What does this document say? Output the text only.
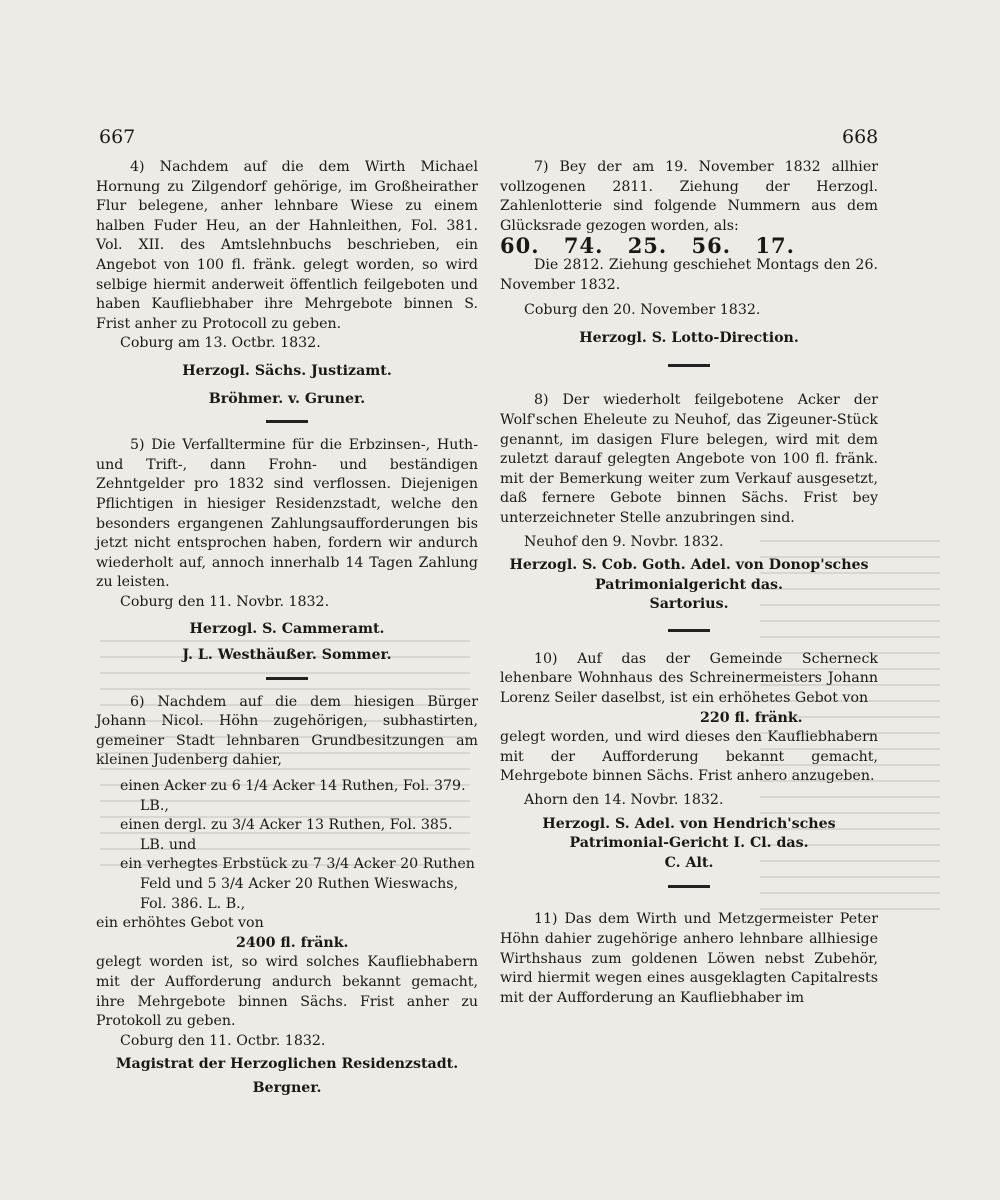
667	668

4) Nachdem auf die dem Wirth Michael Hornung zu Zilgendorf gehörige, im Großheirather Flur belegene, anher lehnbare Wiese zu einem halben Fuder Heu, an der Hahnleithen, Fol. 381. Vol. XII. des Amtslehnbuchs beschrieben, ein Angebot von 100 fl. fränk. gelegt worden, so wird selbige hiermit anderweit öffentlich feilgeboten und haben Kaufliebhaber ihre Mehrgebote binnen S. Frist anher zu Protocoll zu geben.

Coburg am 13. Octbr. 1832.

Herzogl. Sächs. Justizamt.

Bröhmer. v. Gruner.

5) Die Verfalltermine für die Erbzinsen-, Huth- und Trift-, dann Frohn- und beständigen Zehntgelder pro 1832 sind verflossen. Diejenigen Pflichtigen in hiesiger Residenzstadt, welche den besonders ergangenen Zahlungsaufforderungen bis jetzt nicht entsprochen haben, fordern wir andurch wiederholt auf, annoch innerhalb 14 Tagen Zahlung zu leisten.

Coburg den 11. Novbr. 1832.

Herzogl. S. Cammeramt.

J. L. Westhäußer. Sommer.

6) Nachdem auf die dem hiesigen Bürger Johann Nicol. Höhn zugehörigen, subhastirten, gemeiner Stadt lehnbaren Grundbesitzungen am kleinen Judenberg dahier,

einen Acker zu 6 1/4 Acker 14 Ruthen, Fol. 379. LB.,

einen dergl. zu 3/4 Acker 13 Ruthen, Fol. 385. LB. und

ein verhegtes Erbstück zu 7 3/4 Acker 20 Ruthen Feld und 5 3/4 Acker 20 Ruthen Wieswachs, Fol. 386. L. B.,

ein erhöhtes Gebot von

2400 fl. fränk.

gelegt worden ist, so wird solches Kaufliebhabern mit der Aufforderung andurch bekannt gemacht, ihre Mehrgebote binnen Sächs. Frist anher zu Protokoll zu geben.

Coburg den 11. Octbr. 1832.

Magistrat der Herzoglichen Residenzstadt.

Bergner.

7) Bey der am 19. November 1832 allhier vollzogenen 2811. Ziehung der Herzogl. Zahlenlotterie sind folgende Nummern aus dem Glücksrade gezogen worden, als:

60. 74. 25. 56. 17.

Die 2812. Ziehung geschiehet Montags den 26. November 1832.

Coburg den 20. November 1832.

Herzogl. S. Lotto-Direction.

8) Der wiederholt feilgebotene Acker der Wolf'schen Eheleute zu Neuhof, das Zigeuner-Stück genannt, im dasigen Flure belegen, wird mit dem zuletzt darauf gelegten Angebote von 100 fl. fränk. mit der Bemerkung weiter zum Verkauf ausgesetzt, daß fernere Gebote binnen Sächs. Frist bey unterzeichneter Stelle anzubringen sind.

Neuhof den 9. Novbr. 1832.

Herzogl. S. Cob. Goth. Adel. von Donop'sches Patrimonialgericht das.

Sartorius.

10) Auf das der Gemeinde Scherneck lehenbare Wohnhaus des Schreinermeisters Johann Lorenz Seiler daselbst, ist ein erhöhetes Gebot von

220 fl. fränk.

gelegt worden, und wird dieses den Kaufliebhabern mit der Aufforderung bekannt gemacht, Mehrgebote binnen Sächs. Frist anhero anzugeben.

Ahorn den 14. Novbr. 1832.

Herzogl. S. Adel. von Hendrich'sches Patrimonial-Gericht I. Cl. das.

C. Alt.

11) Das dem Wirth und Metzgermeister Peter Höhn dahier zugehörige anhero lehnbare allhiesige Wirthshaus zum goldenen Löwen nebst Zubehör, wird hiermit wegen eines ausgeklagten Capitalrests mit der Aufforderung an Kaufliebhaber im
